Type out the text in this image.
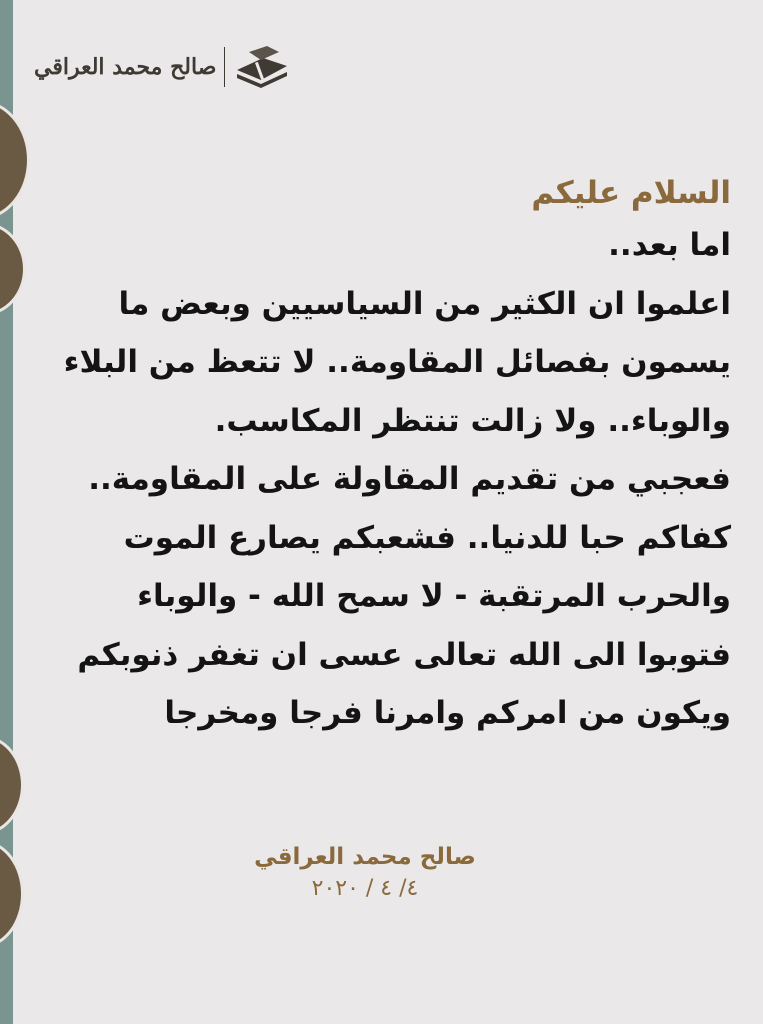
صالح محمد العراقي
السلام عليكم
اما بعد..
اعلموا ان الكثير من السياسيين وبعض ما
يسمون بفصائل المقاومة.. لا تتعظ من البلاء
والوباء.. ولا زالت تنتظر المكاسب.
فعجبي من تقديم المقاولة على المقاومة..
كفاكم حبا للدنيا.. فشعبكم يصارع الموت
والحرب المرتقبة - لا سمح الله - والوباء
فتوبوا الى الله تعالى عسى ان تغفر ذنوبكم
ويكون من امركم وامرنا فرجا ومخرجا
صالح محمد العراقي
٤/ ٤ / ٢٠٢٠
